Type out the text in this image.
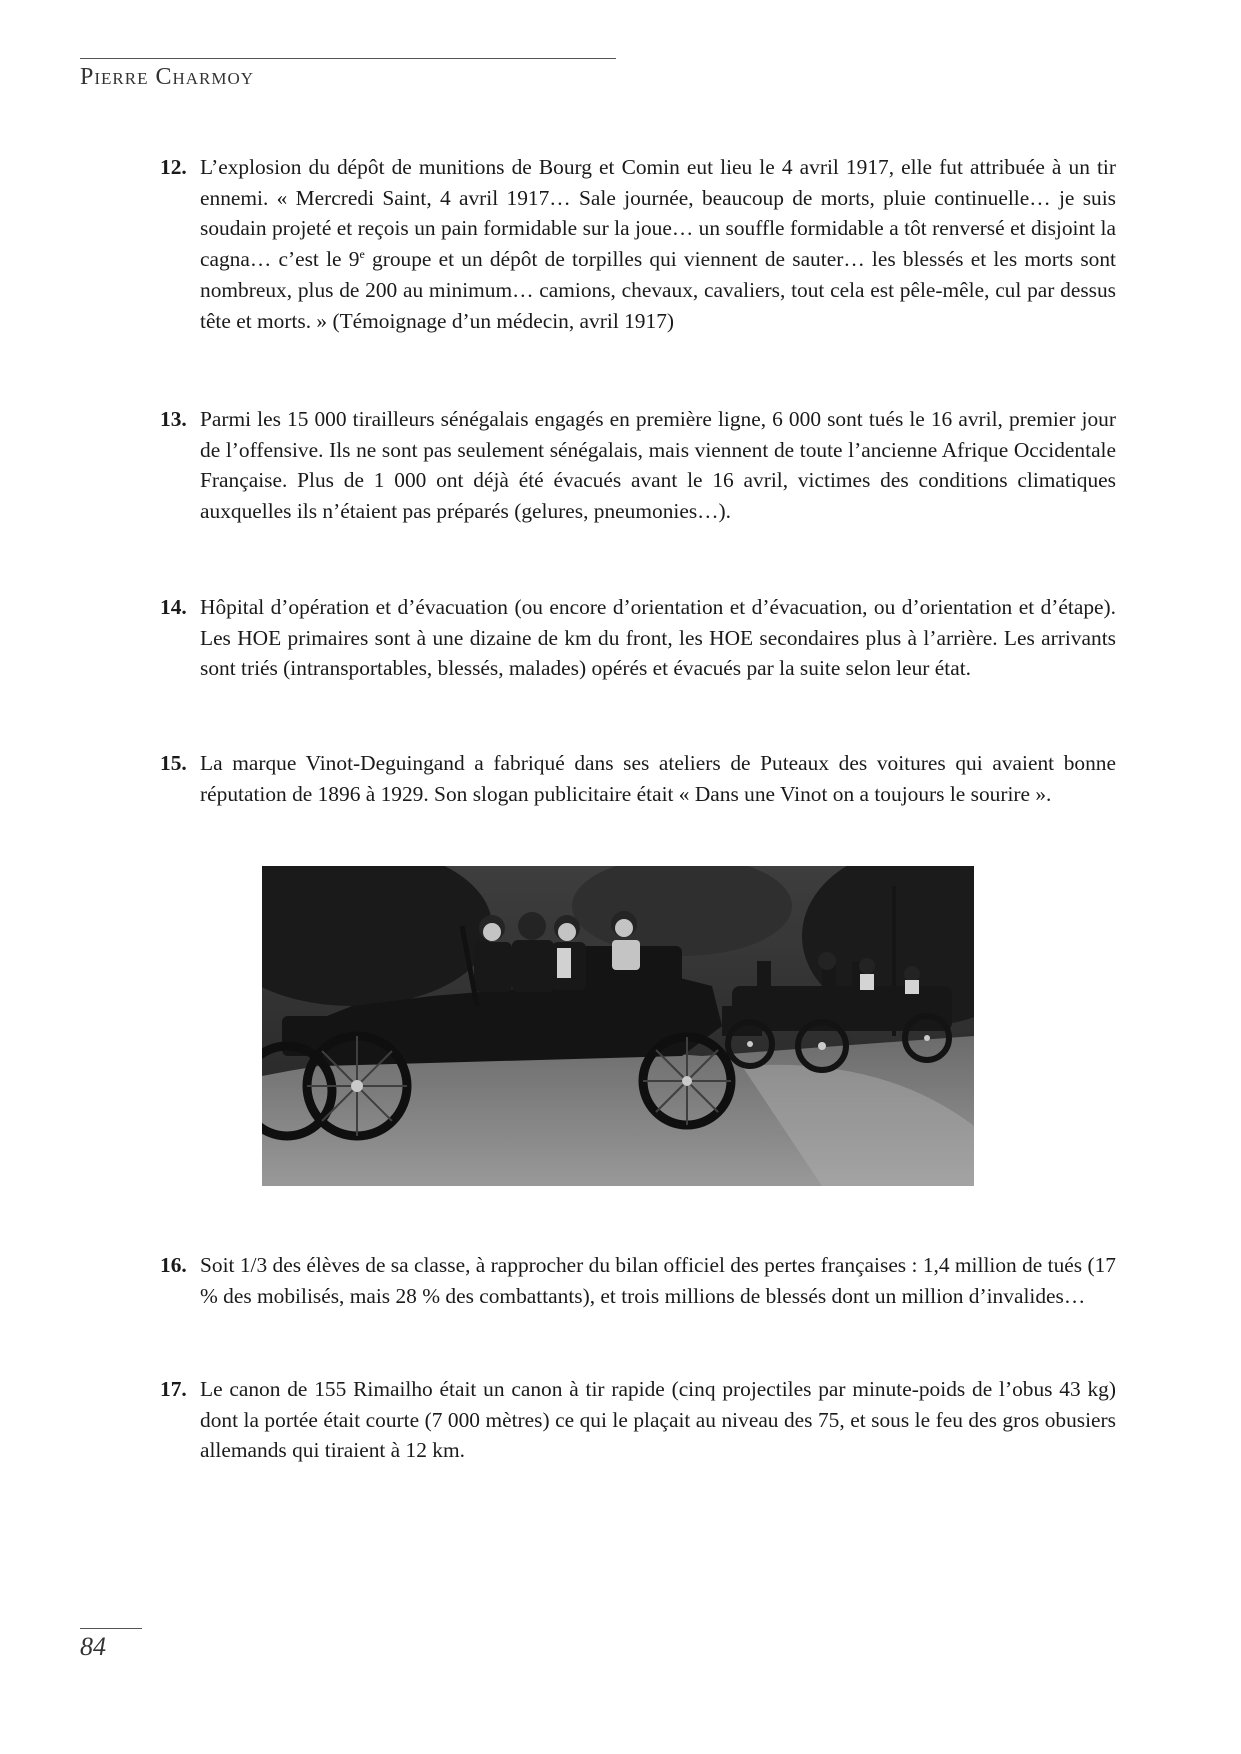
Pierre Charmoy
12. L’explosion du dépôt de munitions de Bourg et Comin eut lieu le 4 avril 1917, elle fut attribuée à un tir ennemi. « Mercredi Saint, 4 avril 1917… Sale journée, beaucoup de morts, pluie continuelle… je suis soudain projeté et reçois un pain formidable sur la joue… un souffle formidable a tôt renversé et disjoint la cagna… c’est le 9e groupe et un dépôt de torpilles qui viennent de sauter… les blessés et les morts sont nombreux, plus de 200 au minimum… camions, chevaux, cavaliers, tout cela est pêle-mêle, cul par dessus tête et morts. » (Témoignage d’un médecin, avril 1917)
13. Parmi les 15 000 tirailleurs sénégalais engagés en première ligne, 6 000 sont tués le 16 avril, premier jour de l’offensive. Ils ne sont pas seulement sénégalais, mais viennent de toute l’ancienne Afrique Occidentale Française. Plus de 1 000 ont déjà été évacués avant le 16 avril, victimes des conditions climatiques auxquelles ils n’étaient pas préparés (gelures, pneumonies…).
14. Hôpital d’opération et d’évacuation (ou encore d’orientation et d’évacuation, ou d’orientation et d’étape). Les HOE primaires sont à une dizaine de km du front, les HOE secondaires plus à l’arrière. Les arrivants sont triés (intransportables, blessés, malades) opérés et évacués par la suite selon leur état.
15. La marque Vinot-Deguingand a fabriqué dans ses ateliers de Puteaux des voitures qui avaient bonne réputation de 1896 à 1929. Son slogan publicitaire était « Dans une Vinot on a toujours le sourire ».
16. Soit 1/3 des élèves de sa classe, à rapprocher du bilan officiel des pertes françaises : 1,4 million de tués (17 % des mobilisés, mais 28 % des combattants), et trois millions de blessés dont un million d’invalides…
17. Le canon de 155 Rimailho était un canon à tir rapide (cinq projectiles par minute-poids de l’obus 43 kg) dont la portée était courte (7 000 mètres) ce qui le plaçait au niveau des 75, et sous le feu des gros obusiers allemands qui tiraient à 12 km.
84
